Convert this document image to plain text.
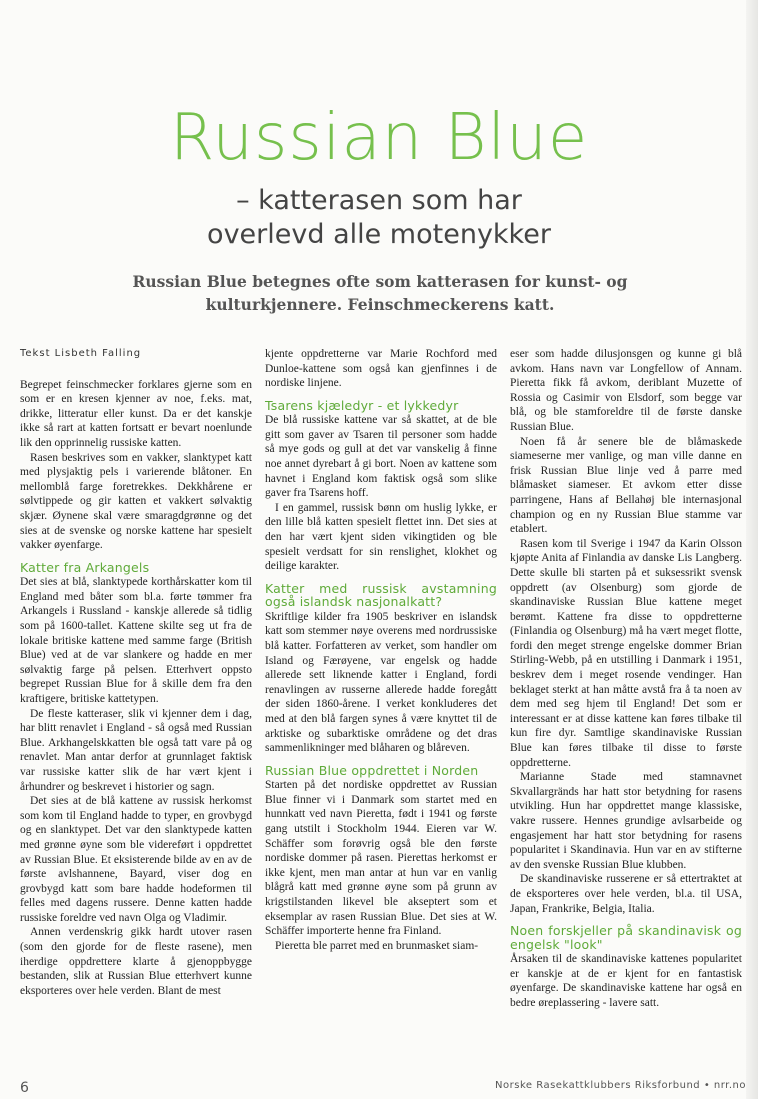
Russian Blue
– katterasen som har
overlevd alle motenykker
Russian Blue betegnes ofte som katterasen for kunst- og
kulturkjennere. Feinschmeckerens katt.
Tekst Lisbeth Falling

Begrepet feinschmecker forklares gjerne som en som er en kresen kjenner av noe, f.eks. mat, drikke, litteratur eller kunst. Da er det kanskje ikke så rart at katten fortsatt er bevart noenlunde lik den opprinnelig russiske katten.

Rasen beskrives som en vakker, slanktypet katt med plysjaktig pels i varierende blåtoner. En mellomblå farge foretrekkes. Dekkhårene er sølvtippede og gir katten et vakkert sølvaktig skjær. Øynene skal være smaragdgrønne og det sies at de svenske og norske kattene har spesielt vakker øyenfarge.

Katter fra Arkangels

Det sies at blå, slanktypede korthårskatter kom til England med båter som bl.a. førte tømmer fra Arkangels i Russland - kanskje allerede så tidlig som på 1600-tallet. Kattene skilte seg ut fra de lokale britiske kattene med samme farge (British Blue) ved at de var slankere og hadde en mer sølvaktig farge på pelsen. Etterhvert oppsto begrepet Russian Blue for å skille dem fra den kraftigere, britiske kattetypen.

De fleste katteraser, slik vi kjenner dem i dag, har blitt renavlet i England - så også med Russian Blue. Arkhangelskkatten ble også tatt vare på og renavlet. Man antar derfor at grunnlaget faktisk var russiske katter slik de har vært kjent i århundrer og beskrevet i historier og sagn.

Det sies at de blå kattene av russisk herkomst som kom til England hadde to typer, en grovbygd og en slanktypet. Det var den slanktypede katten med grønne øyne som ble videreført i oppdrettet av Russian Blue. Et eksisterende bilde av en av de første avlshannene, Bayard, viser dog en grovbygd katt som bare hadde hodeformen til felles med dagens russere. Denne katten hadde russiske foreldre ved navn Olga og Vladimir.

Annen verdenskrig gikk hardt utover rasen (som den gjorde for de fleste rasene), men iherdige oppdrettere klarte å gjenoppbygge bestanden, slik at Russian Blue etterhvert kunne eksporteres over hele verden. Blant de mest

kjente oppdretterne var Marie Rochford med Dunloe-kattene som også kan gjenfinnes i de nordiske linjene.

Tsarens kjæledyr - et lykkedyr

De blå russiske kattene var så skattet, at de ble gitt som gaver av Tsaren til personer som hadde så mye gods og gull at det var vanskelig å finne noe annet dyrebart å gi bort. Noen av kattene som havnet i England kom faktisk også som slike gaver fra Tsarens hoff.

I en gammel, russisk bønn om huslig lykke, er den lille blå katten spesielt flettet inn. Det sies at den har vært kjent siden vikingtiden og ble spesielt verdsatt for sin renslighet, klokhet og deilige karakter.

Katter med russisk avstamning også islandsk nasjonalkatt?

Skriftlige kilder fra 1905 beskriver en islandsk katt som stemmer nøye overens med nordrussiske blå katter. Forfatteren av verket, som handler om Island og Færøyene, var engelsk og hadde allerede sett liknende katter i England, fordi renavlingen av russerne allerede hadde foregått der siden 1860-årene. I verket konkluderes det med at den blå fargen synes å være knyttet til de arktiske og subarktiske områdene og det dras sammenlikninger med blåharen og blåreven.

Russian Blue oppdrettet i Norden

Starten på det nordiske oppdrettet av Russian Blue finner vi i Danmark som startet med en hunnkatt ved navn Pieretta, født i 1941 og første gang utstilt i Stockholm 1944. Eieren var W. Schäffer som forøvrig også ble den første nordiske dommer på rasen. Pierettas herkomst er ikke kjent, men man antar at hun var en vanlig blågrå katt med grønne øyne som på grunn av krigstilstanden likevel ble akseptert som et eksemplar av rasen Russian Blue. Det sies at W. Schäffer importerte henne fra Finland.

Pieretta ble parret med en brunmasket siam-

eser som hadde dilusjonsgen og kunne gi blå avkom. Hans navn var Longfellow of Annam. Pieretta fikk få avkom, deriblant Muzette of Rossia og Casimir von Elsdorf, som begge var blå, og ble stamforeldre til de første danske Russian Blue.

Noen få år senere ble de blåmaskede siameserne mer vanlige, og man ville danne en frisk Russian Blue linje ved å parre med blåmasket siameser. Et avkom etter disse parringene, Hans af Bellahøj ble internasjonal champion og en ny Russian Blue stamme var etablert.

Rasen kom til Sverige i 1947 da Karin Olsson kjøpte Anita af Finlandia av danske Lis Langberg. Dette skulle bli starten på et suksessrikt svensk oppdrett (av Olsenburg) som gjorde de skandinaviske Russian Blue kattene meget berømt. Kattene fra disse to oppdretterne (Finlandia og Olsenburg) må ha vært meget flotte, fordi den meget strenge engelske dommer Brian Stirling-Webb, på en utstilling i Danmark i 1951, beskrev dem i meget rosende vendinger. Han beklaget sterkt at han måtte avstå fra å ta noen av dem med seg hjem til England! Det som er interessant er at disse kattene kan føres tilbake til kun fire dyr. Samtlige skandinaviske Russian Blue kan føres tilbake til disse to første oppdretterne.

Marianne Stade med stamnavnet Skvallargränds har hatt stor betydning for rasens utvikling. Hun har oppdrettet mange klassiske, vakre russere. Hennes grundige avlsarbeide og engasjement har hatt stor betydning for rasens popularitet i Skandinavia. Hun var en av stifterne av den svenske Russian Blue klubben.

De skandinaviske russerene er så ettertraktet at de eksporteres over hele verden, bl.a. til USA, Japan, Frankrike, Belgia, Italia.

Noen forskjeller på skandinavisk og engelsk "look"

Årsaken til de skandinaviske kattenes popularitet er kanskje at de er kjent for en fantastisk øyenfarge. De skandinaviske kattene har også en bedre øreplassering - lavere satt.

6	Norske Rasekattklubbers Riksforbund • nrr.no
